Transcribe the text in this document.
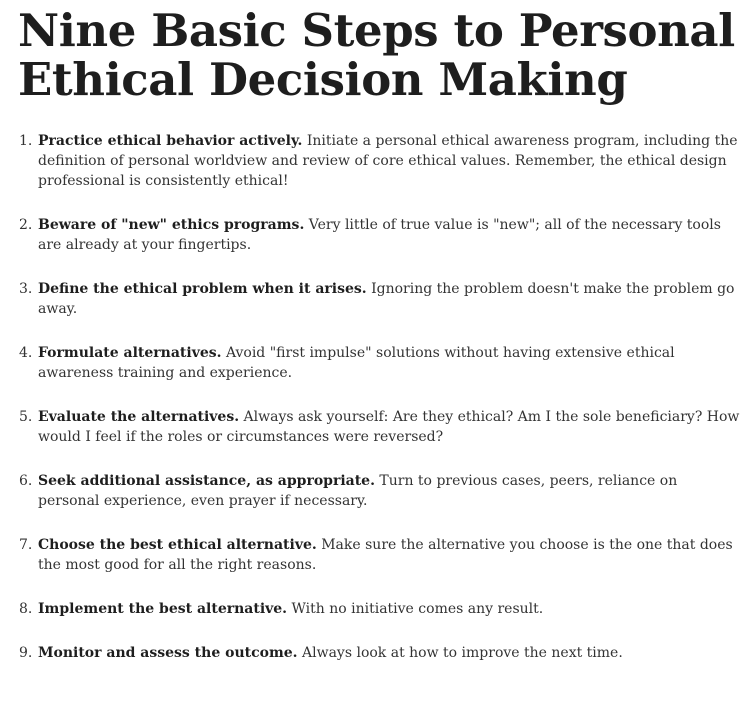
Nine Basic Steps to Personal Ethical Decision Making
1. Practice ethical behavior actively. Initiate a personal ethical awareness program, including the definition of personal worldview and review of core ethical values. Remember, the ethical design professional is consistently ethical!
2. Beware of "new" ethics programs. Very little of true value is "new"; all of the necessary tools are already at your fingertips.
3. Define the ethical problem when it arises. Ignoring the problem doesn't make the problem go away.
4. Formulate alternatives. Avoid "first impulse" solutions without having extensive ethical awareness training and experience.
5. Evaluate the alternatives. Always ask yourself: Are they ethical? Am I the sole beneficiary? How would I feel if the roles or circumstances were reversed?
6. Seek additional assistance, as appropriate. Turn to previous cases, peers, reliance on personal experience, even prayer if necessary.
7. Choose the best ethical alternative. Make sure the alternative you choose is the one that does the most good for all the right reasons.
8. Implement the best alternative. With no initiative comes any result.
9. Monitor and assess the outcome. Always look at how to improve the next time.
